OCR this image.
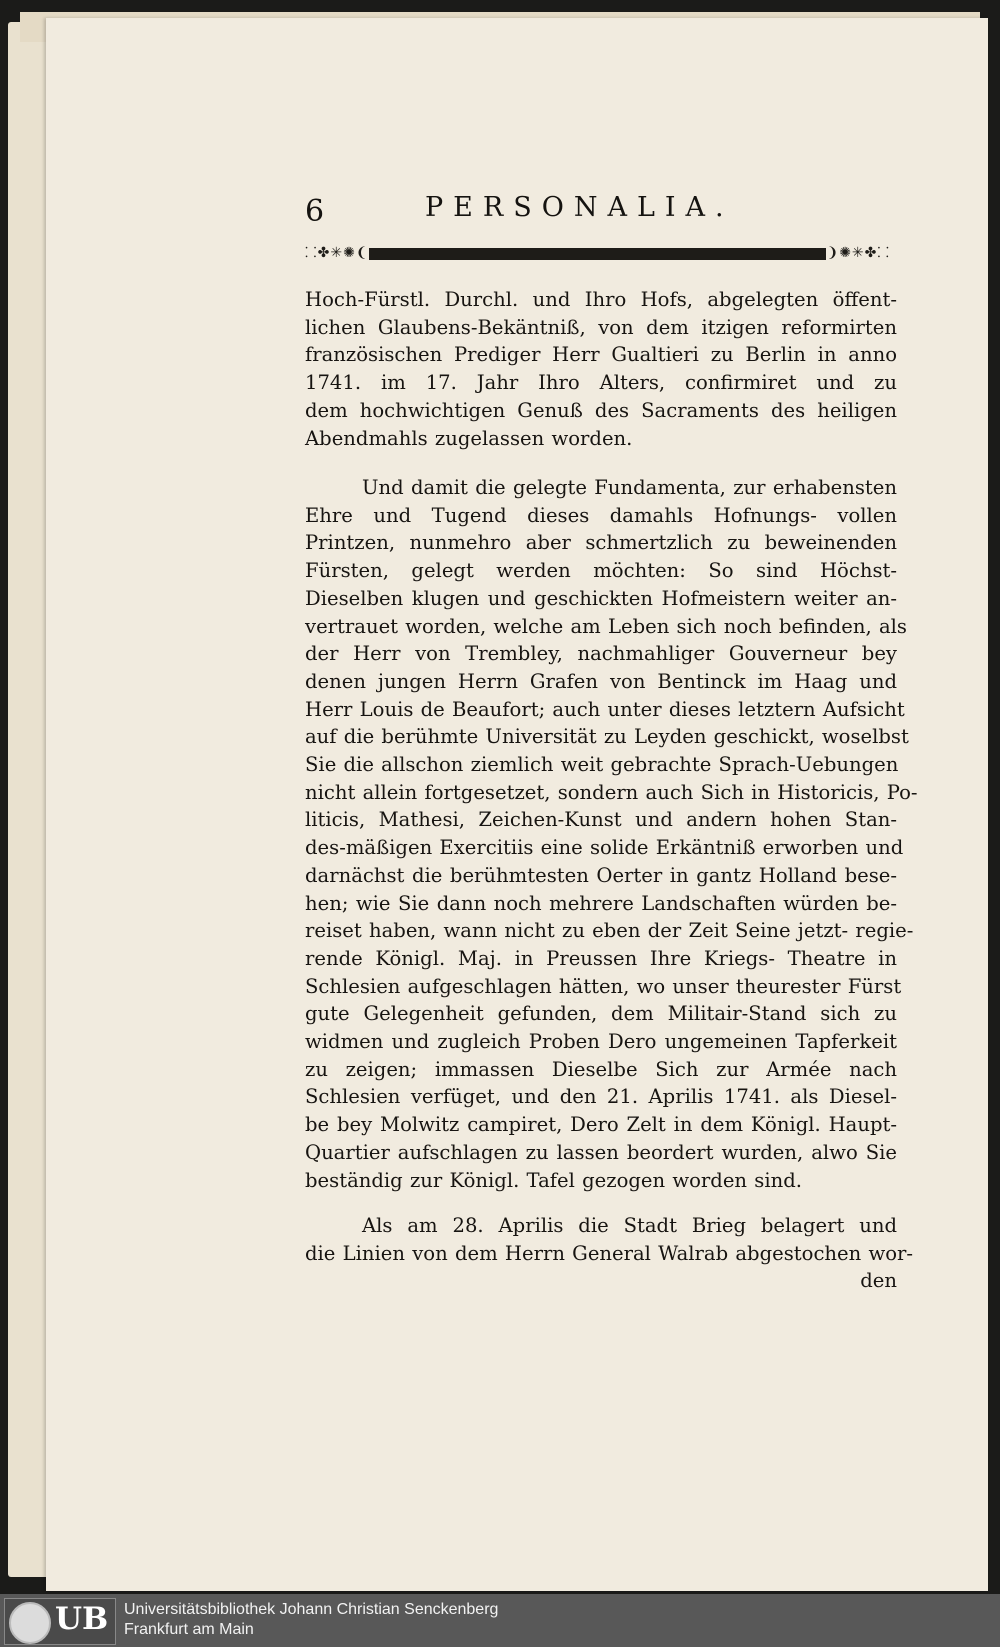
6	PERSONALIA.
⸬✤✳✺❨	❩✺✳✤⸬
Hoch-Fürstl. Durchl. und Ihro Hofs, abgelegten öffent-
lichen Glaubens-Bekäntniß, von dem itzigen reformirten
französischen Prediger Herr Gualtieri zu Berlin in anno
1741. im 17. Jahr Ihro Alters, confirmiret und zu
dem hochwichtigen Genuß des Sacraments des heiligen
Abendmahls zugelassen worden.
Und damit die gelegte Fundamenta, zur erhabensten
Ehre und Tugend dieses damahls Hofnungs- vollen
Printzen, nunmehro aber schmertzlich zu beweinenden
Fürsten, gelegt werden möchten: So sind Höchst-
Dieselben klugen und geschickten Hofmeistern weiter an-
vertrauet worden, welche am Leben sich noch befinden, als
der Herr von Trembley, nachmahliger Gouverneur bey
denen jungen Herrn Grafen von Bentinck im Haag und
Herr Louis de Beaufort; auch unter dieses letztern Aufsicht
auf die berühmte Universität zu Leyden geschickt, woselbst
Sie die allschon ziemlich weit gebrachte Sprach-Uebungen
nicht allein fortgesetzet, sondern auch Sich in Historicis, Po-
liticis, Mathesi, Zeichen-Kunst und andern hohen Stan-
des-mäßigen Exercitiis eine solide Erkäntniß erworben und
darnächst die berühmtesten Oerter in gantz Holland bese-
hen; wie Sie dann noch mehrere Landschaften würden be-
reiset haben, wann nicht zu eben der Zeit Seine jetzt- regie-
rende Königl. Maj. in Preussen Ihre Kriegs- Theatre in
Schlesien aufgeschlagen hätten, wo unser theurester Fürst
gute Gelegenheit gefunden, dem Militair-Stand sich zu
widmen und zugleich Proben Dero ungemeinen Tapferkeit
zu zeigen; immassen Dieselbe Sich zur Armée nach
Schlesien verfüget, und den 21. Aprilis 1741. als Diesel-
be bey Molwitz campiret, Dero Zelt in dem Königl. Haupt-
Quartier aufschlagen zu lassen beordert wurden, alwo Sie
beständig zur Königl. Tafel gezogen worden sind.
Als am 28. Aprilis die Stadt Brieg belagert und
die Linien von dem Herrn General Walrab abgestochen wor-
den
UB Universitätsbibliothek Johann Christian Senckenberg
Frankfurt am Main
